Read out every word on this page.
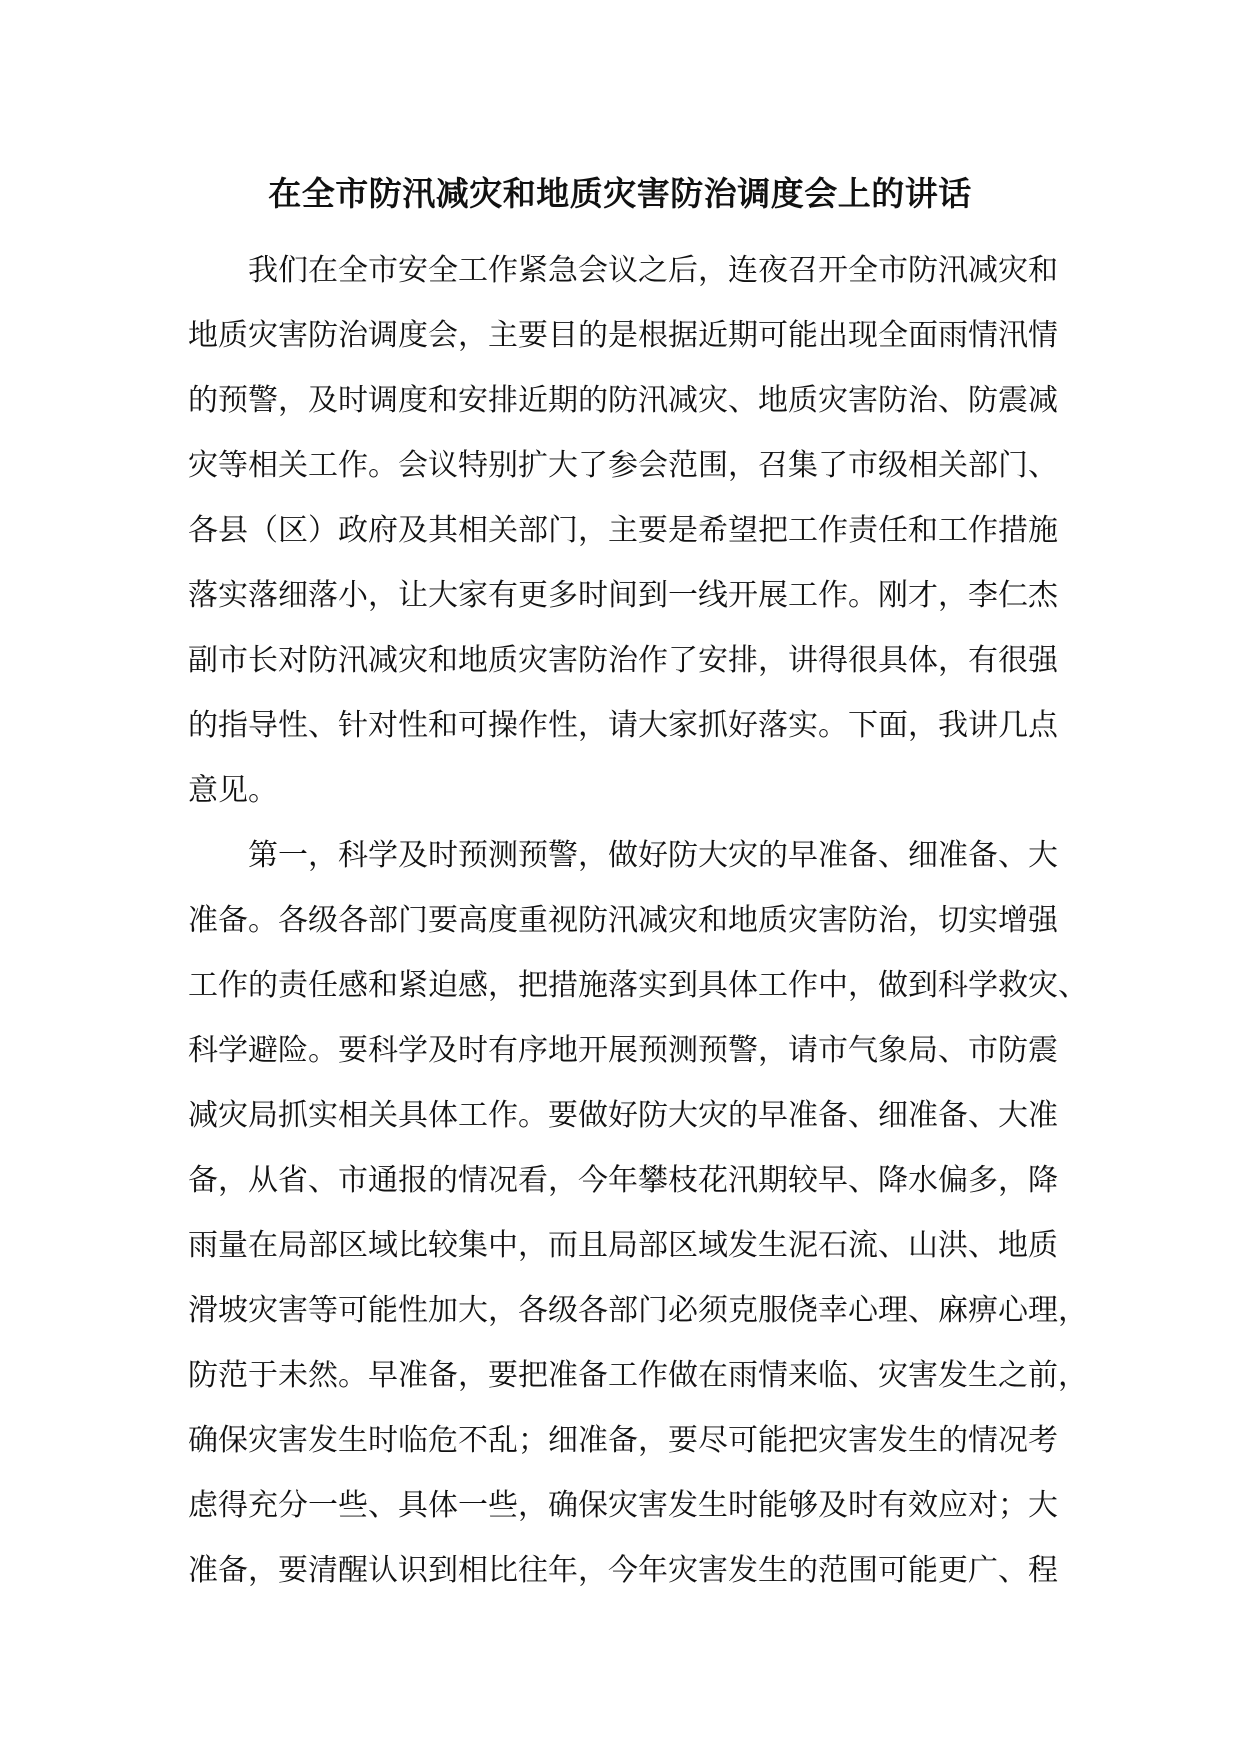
在全市防汛减灾和地质灾害防治调度会上的讲话
我们在全市安全工作紧急会议之后，连夜召开全市防汛减灾和
地质灾害防治调度会，主要目的是根据近期可能出现全面雨情汛情
的预警，及时调度和安排近期的防汛减灾、地质灾害防治、防震减
灾等相关工作。会议特别扩大了参会范围，召集了市级相关部门、
各县（区）政府及其相关部门，主要是希望把工作责任和工作措施
落实落细落小，让大家有更多时间到一线开展工作。刚才，李仁杰
副市长对防汛减灾和地质灾害防治作了安排，讲得很具体，有很强
的指导性、针对性和可操作性，请大家抓好落实。下面，我讲几点
意见。
第一，科学及时预测预警，做好防大灾的早准备、细准备、大
准备。各级各部门要高度重视防汛减灾和地质灾害防治，切实增强
工作的责任感和紧迫感，把措施落实到具体工作中，做到科学救灾、
科学避险。要科学及时有序地开展预测预警，请市气象局、市防震
减灾局抓实相关具体工作。要做好防大灾的早准备、细准备、大准
备，从省、市通报的情况看，今年攀枝花汛期较早、降水偏多，降
雨量在局部区域比较集中，而且局部区域发生泥石流、山洪、地质
滑坡灾害等可能性加大，各级各部门必须克服侥幸心理、麻痹心理，
防范于未然。早准备，要把准备工作做在雨情来临、灾害发生之前，
确保灾害发生时临危不乱；细准备，要尽可能把灾害发生的情况考
虑得充分一些、具体一些，确保灾害发生时能够及时有效应对；大
准备，要清醒认识到相比往年，今年灾害发生的范围可能更广、程
